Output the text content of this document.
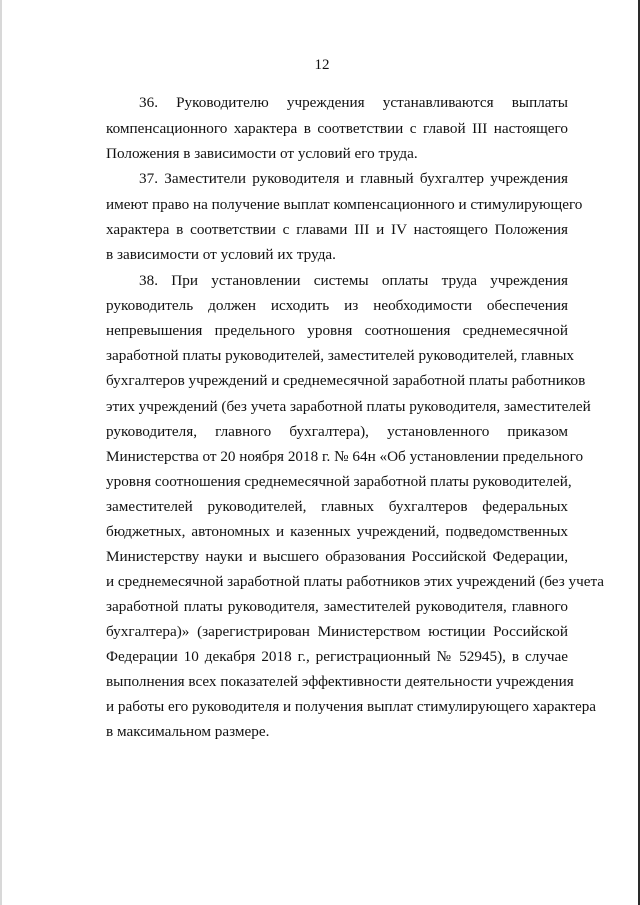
12
36. Руководителю учреждения устанавливаются выплаты
компенсационного характера в соответствии с главой III настоящего
Положения в зависимости от условий его труда.
37. Заместители руководителя и главный бухгалтер учреждения
имеют право на получение выплат компенсационного и стимулирующего
характера в соответствии с главами III и IV настоящего Положения
в зависимости от условий их труда.
38. При установлении системы оплаты труда учреждения
руководитель должен исходить из необходимости обеспечения
непревышения предельного уровня соотношения среднемесячной
заработной платы руководителей, заместителей руководителей, главных
бухгалтеров учреждений и среднемесячной заработной платы работников
этих учреждений (без учета заработной платы руководителя, заместителей
руководителя, главного бухгалтера), установленного приказом
Министерства от 20 ноября 2018 г. № 64н «Об установлении предельного
уровня соотношения среднемесячной заработной платы руководителей,
заместителей руководителей, главных бухгалтеров федеральных
бюджетных, автономных и казенных учреждений, подведомственных
Министерству науки и высшего образования Российской Федерации,
и среднемесячной заработной платы работников этих учреждений (без учета
заработной платы руководителя, заместителей руководителя, главного
бухгалтера)» (зарегистрирован Министерством юстиции Российской
Федерации 10 декабря 2018 г., регистрационный № 52945), в случае
выполнения всех показателей эффективности деятельности учреждения
и работы его руководителя и получения выплат стимулирующего характера
в максимальном размере.
